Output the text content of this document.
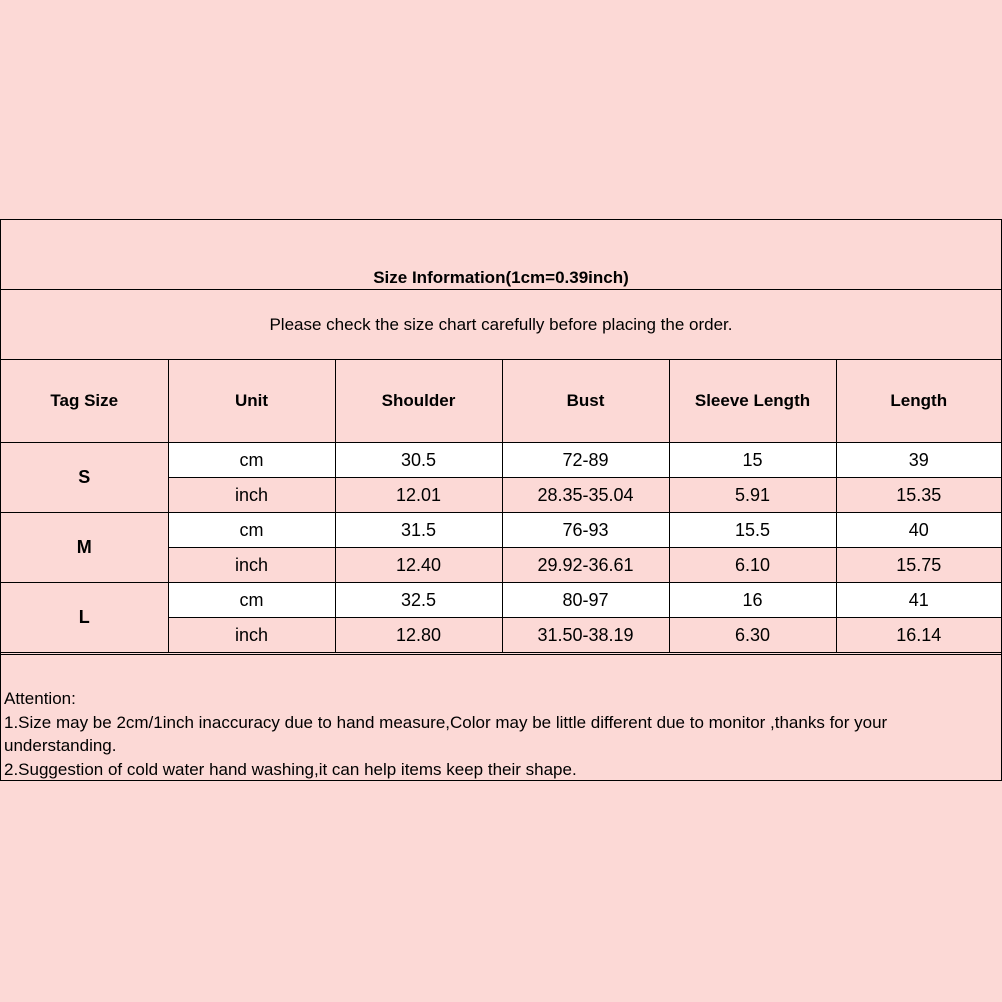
Size Information(1cm=0.39inch)
Please check the size chart carefully before placing the order.
Tag Size	Unit	Shoulder	Bust	Sleeve Length	Length
S	cm	30.5	72-89	15	39
	inch	12.01	28.35-35.04	5.91	15.35
M	cm	31.5	76-93	15.5	40
	inch	12.40	29.92-36.61	6.10	15.75
L	cm	32.5	80-97	16	41
	inch	12.80	31.50-38.19	6.30	16.14

Attention:

1.Size may be 2cm/1inch inaccuracy due to hand measure,Color may be little different due to monitor ,thanks for your understanding.

2.Suggestion of cold water hand washing,it can help items keep their shape.
